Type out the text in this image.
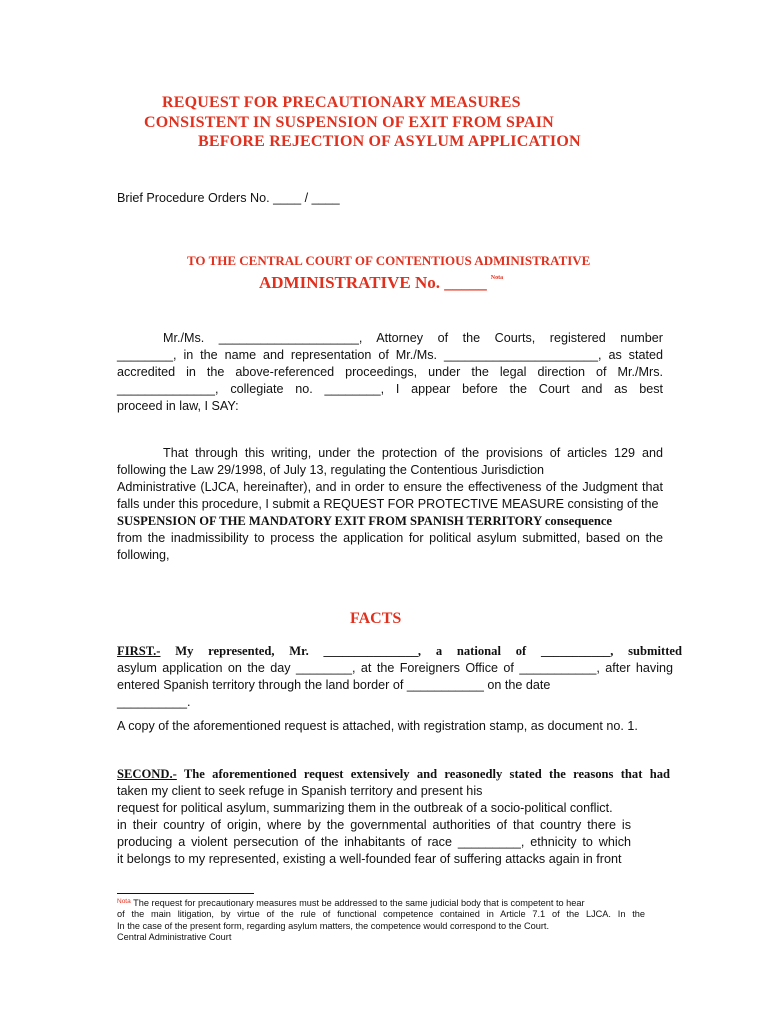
REQUEST FOR PRECAUTIONARY MEASURES
CONSISTENT IN SUSPENSION OF EXIT FROM SPAIN
BEFORE REJECTION OF ASYLUM APPLICATION
Brief Procedure Orders No. ____ / ____
TO THE CENTRAL COURT OF CONTENTIOUS ADMINISTRATIVE
ADMINISTRATIVE No. _____ $^{Nota}$
Mr./Ms. ____________________, Attorney of the Courts, registered number
________, in the name and representation of Mr./Ms. ______________________, as stated
accredited in the above-referenced proceedings, under the legal direction of Mr./Mrs.
______________, collegiate no. ________, I appear before the Court and as best
proceed in law, I SAY:
That through this writing, under the protection of the provisions of articles 129 and
following the Law 29/1998, of July 13, regulating the Contentious Jurisdiction
Administrative (LJCA, hereinafter), and in order to ensure the effectiveness of the Judgment that
falls under this procedure, I submit a REQUEST FOR PROTECTIVE MEASURE consisting of the
SUSPENSION OF THE MANDATORY EXIT FROM SPANISH TERRITORY consequence
from the inadmissibility to process the application for political asylum submitted, based on the
following,
FACTS
FIRST.- My represented, Mr. _______________, a national of ___________, submitted
asylum application on the day ________, at the Foreigners Office of ___________, after having
entered Spanish territory through the land border of ___________ on the date
__________.
A copy of the aforementioned request is attached, with registration stamp, as document no. 1.
SECOND.- The aforementioned request extensively and reasonedly stated the reasons that had
taken my client to seek refuge in Spanish territory and present his
request for political asylum, summarizing them in the outbreak of a socio-political conflict.
in their country of origin, where by the governmental authorities of that country there is
producing a violent persecution of the inhabitants of race _________, ethnicity to which
it belongs to my represented, existing a well-founded fear of suffering attacks again in front
$^{Nota}$ The request for precautionary measures must be addressed to the same judicial body that is competent to hear
of the main litigation, by virtue of the rule of functional competence contained in Article 7.1 of the LJCA. In the
In the case of the present form, regarding asylum matters, the competence would correspond to the Court.
Central Administrative Court
